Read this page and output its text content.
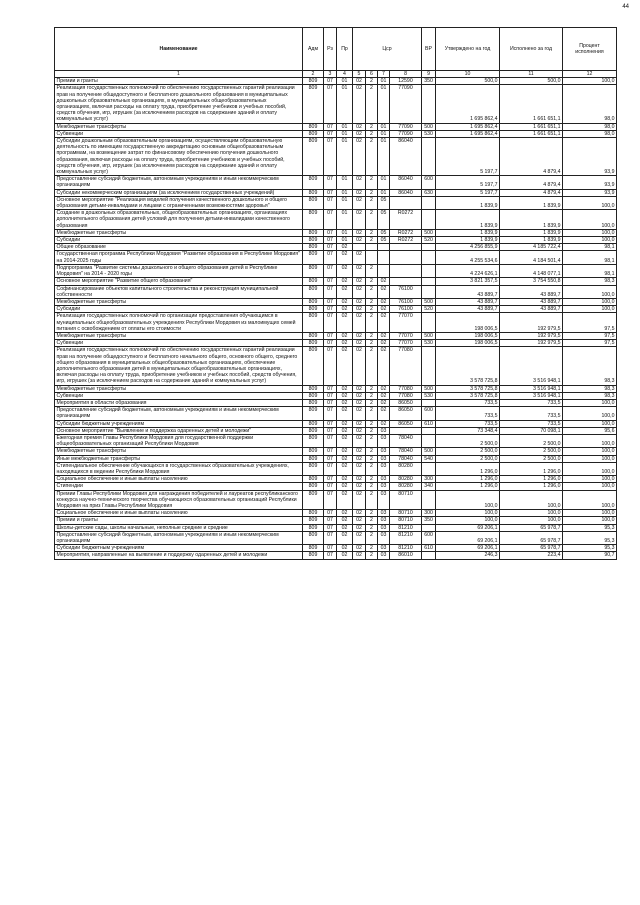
44
Наименование	Адм	Рз	Пр	Цср				ВР	Утверждено на год	Исполнено за год	Процент исполнения
1	2	3	4	5	6	7	8	9	10	11	12
Премии и гранты	809	07	01	02	2	01	12590	350	500,0	500,0	100,0
Реализация государственных полномочий по обеспечению государственных гарантий реализации прав на получение общедоступного и бесплатного дошкольного образования в муниципальных дошкольных образовательных организациях, в муниципальных общеобразовательных организациях, включая расходы на оплату труда, приобретение учебников и учебных пособий, средств обучения, игр, игрушек (за исключением расходов на содержание зданий и оплату коммунальных услуг)	809	07	01	02	2	01	77090		1 695 862,4	1 661 651,1	98,0
Межбюджетные трансферты	809	07	01	02	2	01	77090	500	1 695 862,4	1 661 651,1	98,0
Субвенции	809	07	01	02	2	01	77090	530	1 695 862,4	1 661 651,1	98,0
Субсидии дошкольным образовательным организациям, осуществляющим образовательную деятельность по имеющим государственную аккредитацию основным общеобразовательным программам, на возмещение затрат по финансовому обеспечению получения дошкольного образования, включая расходы на оплату труда, приобретение учебников и учебных пособий, средств обучения, игр, игрушек (за исключением расходов на содержание зданий и оплату коммунальных услуг)	809	07	01	02	2	01	86040		5 197,7	4 879,4	93,9
Предоставление субсидий бюджетным, автономным учреждениям и иным некоммерческим организациям	809	07	01	02	2	01	86040	600	5 197,7	4 879,4	93,9
Субсидии некоммерческим организациям (за исключением государственных учреждений)	809	07	01	02	2	01	86040	630	5 197,7	4 879,4	93,9
Основное мероприятие "Реализация моделей получения качественного дошкольного и общего образования детьми-инвалидами и лицами с ограниченными возможностями здоровья"	809	07	01	02	2	05			1 839,9	1 839,9	100,0
Создание в дошкольных образовательных, общеобразовательных организациях, организациях дополнительного образования детей условий для получения детьми-инвалидами качественного образования	809	07	01	02	2	05	R0272		1 839,9	1 839,9	100,0
Межбюджетные трансферты	809	07	01	02	2	05	R0272	500	1 839,9	1 839,9	100,0
Субсидии	809	07	01	02	2	05	R0272	520	1 839,9	1 839,9	100,0
Общее образование	809	07	02						4 256 855,9	4 185 722,4	98,1
Государственная программа Республики Мордовия "Развитие образования в Республике Мордовия" на 2014-2025 годы	809	07	02	02					4 255 534,6	4 184 501,4	98,1
Подпрограмма "Развитие системы дошкольного и общего образования детей в Республике Мордовия" на 2014 - 2020 годы	809	07	02	02	2				4 224 626,1	4 148 077,1	98,1
Основное мероприятие "Развитие общего образования"	809	07	02	02	2	02			3 821 357,5	3 754 550,8	98,3
Софинансирование объектов капитального строительства и реконструкция муниципальной собственности	809	07	02	02	2	02	76100		43 889,7	43 889,7	100,0
Межбюджетные трансферты	809	07	02	02	2	02	76100	500	43 889,7	43 889,7	100,0
Субсидии	809	07	02	02	2	02	76100	520	43 889,7	43 889,7	100,0
Реализация государственных полномочий по организации предоставления обучающимся в муниципальных общеобразовательных учреждениях Республики Мордовия из малоимущих семей питания с освобождением от оплаты его стоимости	809	07	02	02	2	02	77070		198 006,5	192 979,5	97,5
Межбюджетные трансферты	809	07	02	02	2	02	77070	500	198 006,5	192 979,5	97,5
Субвенции	809	07	02	02	2	02	77070	530	198 006,5	192 979,5	97,5
Реализация государственных полномочий по обеспечению государственных гарантий реализации прав на получение общедоступного и бесплатного начального общего, основного общего, среднего общего образования в муниципальных общеобразовательных организациях, обеспечение дополнительного образования детей в муниципальных общеобразовательных организациях, включая расходы на оплату труда, приобретение учебников и учебных пособий, средств обучения, игр, игрушек (за исключением расходов на содержание зданий и коммунальных услуг)	809	07	02	02	2	02	77080		3 578 725,8	3 516 948,1	98,3
Межбюджетные трансферты	809	07	02	02	2	02	77080	500	3 578 725,8	3 516 948,1	98,3
Субвенции	809	07	02	02	2	02	77080	530	3 578 725,8	3 516 948,1	98,3
Мероприятия в области образования	809	07	02	02	2	02	86050		733,5	733,5	100,0
Предоставление субсидий бюджетным, автономным учреждениям и иным некоммерческим организациям	809	07	02	02	2	02	86050	600	733,5	733,5	100,0
Субсидии бюджетным учреждениям	809	07	02	02	2	02	86050	610	733,5	733,5	100,0
Основное мероприятие "Выявление и поддержка одаренных детей и молодежи"	809	07	02	02	2	03			73 348,4	70 098,1	95,6
Ежегодная премия Главы Республики Мордовия для государственной поддержки общеобразовательных организаций Республики Мордовия	809	07	02	02	2	03	78040		2 500,0	2 500,0	100,0
Межбюджетные трансферты	809	07	02	02	2	03	78040	500	2 500,0	2 500,0	100,0
Иные межбюджетные трансферты	809	07	02	02	2	03	78040	540	2 500,0	2 500,0	100,0
Стипендиальное обеспечение обучающихся в государственных образовательных учреждениях, находящихся в ведении Республики Мордовия	809	07	02	02	2	03	80280		1 296,0	1 296,0	100,0
Социальное обеспечение и иные выплаты населению	809	07	02	02	2	03	80280	300	1 296,0	1 296,0	100,0
Стипендии	809	07	02	02	2	03	80280	340	1 296,0	1 296,0	100,0
Премии Главы Республики Мордовия для награждения победителей и лауреатов республиканского конкурса научно-технического творчества обучающихся образовательных организаций Республики Мордовия на приз Главы Республики Мордовия	809	07	02	02	2	03	80710		100,0	100,0	100,0
Социальное обеспечение и иные выплаты населению	809	07	02	02	2	03	80710	300	100,0	100,0	100,0
Премии и гранты	809	07	02	02	2	03	80710	350	100,0	100,0	100,0
Школы-детские сады, школы начальные, неполные средние и средние	809	07	02	02	2	03	81210		69 206,1	65 978,7	95,3
Предоставление субсидий бюджетным, автономным учреждениям и иным некоммерческим организациям	809	07	02	02	2	03	81210	600	69 206,1	65 978,7	95,3
Субсидии бюджетным учреждениям	809	07	02	02	2	03	81210	610	69 206,1	65 978,7	95,3
Мероприятия, направленные на выявление и поддержку одаренных детей и молодежи	809	07	02	02	2	03	86010		246,3	223,4	90,7
